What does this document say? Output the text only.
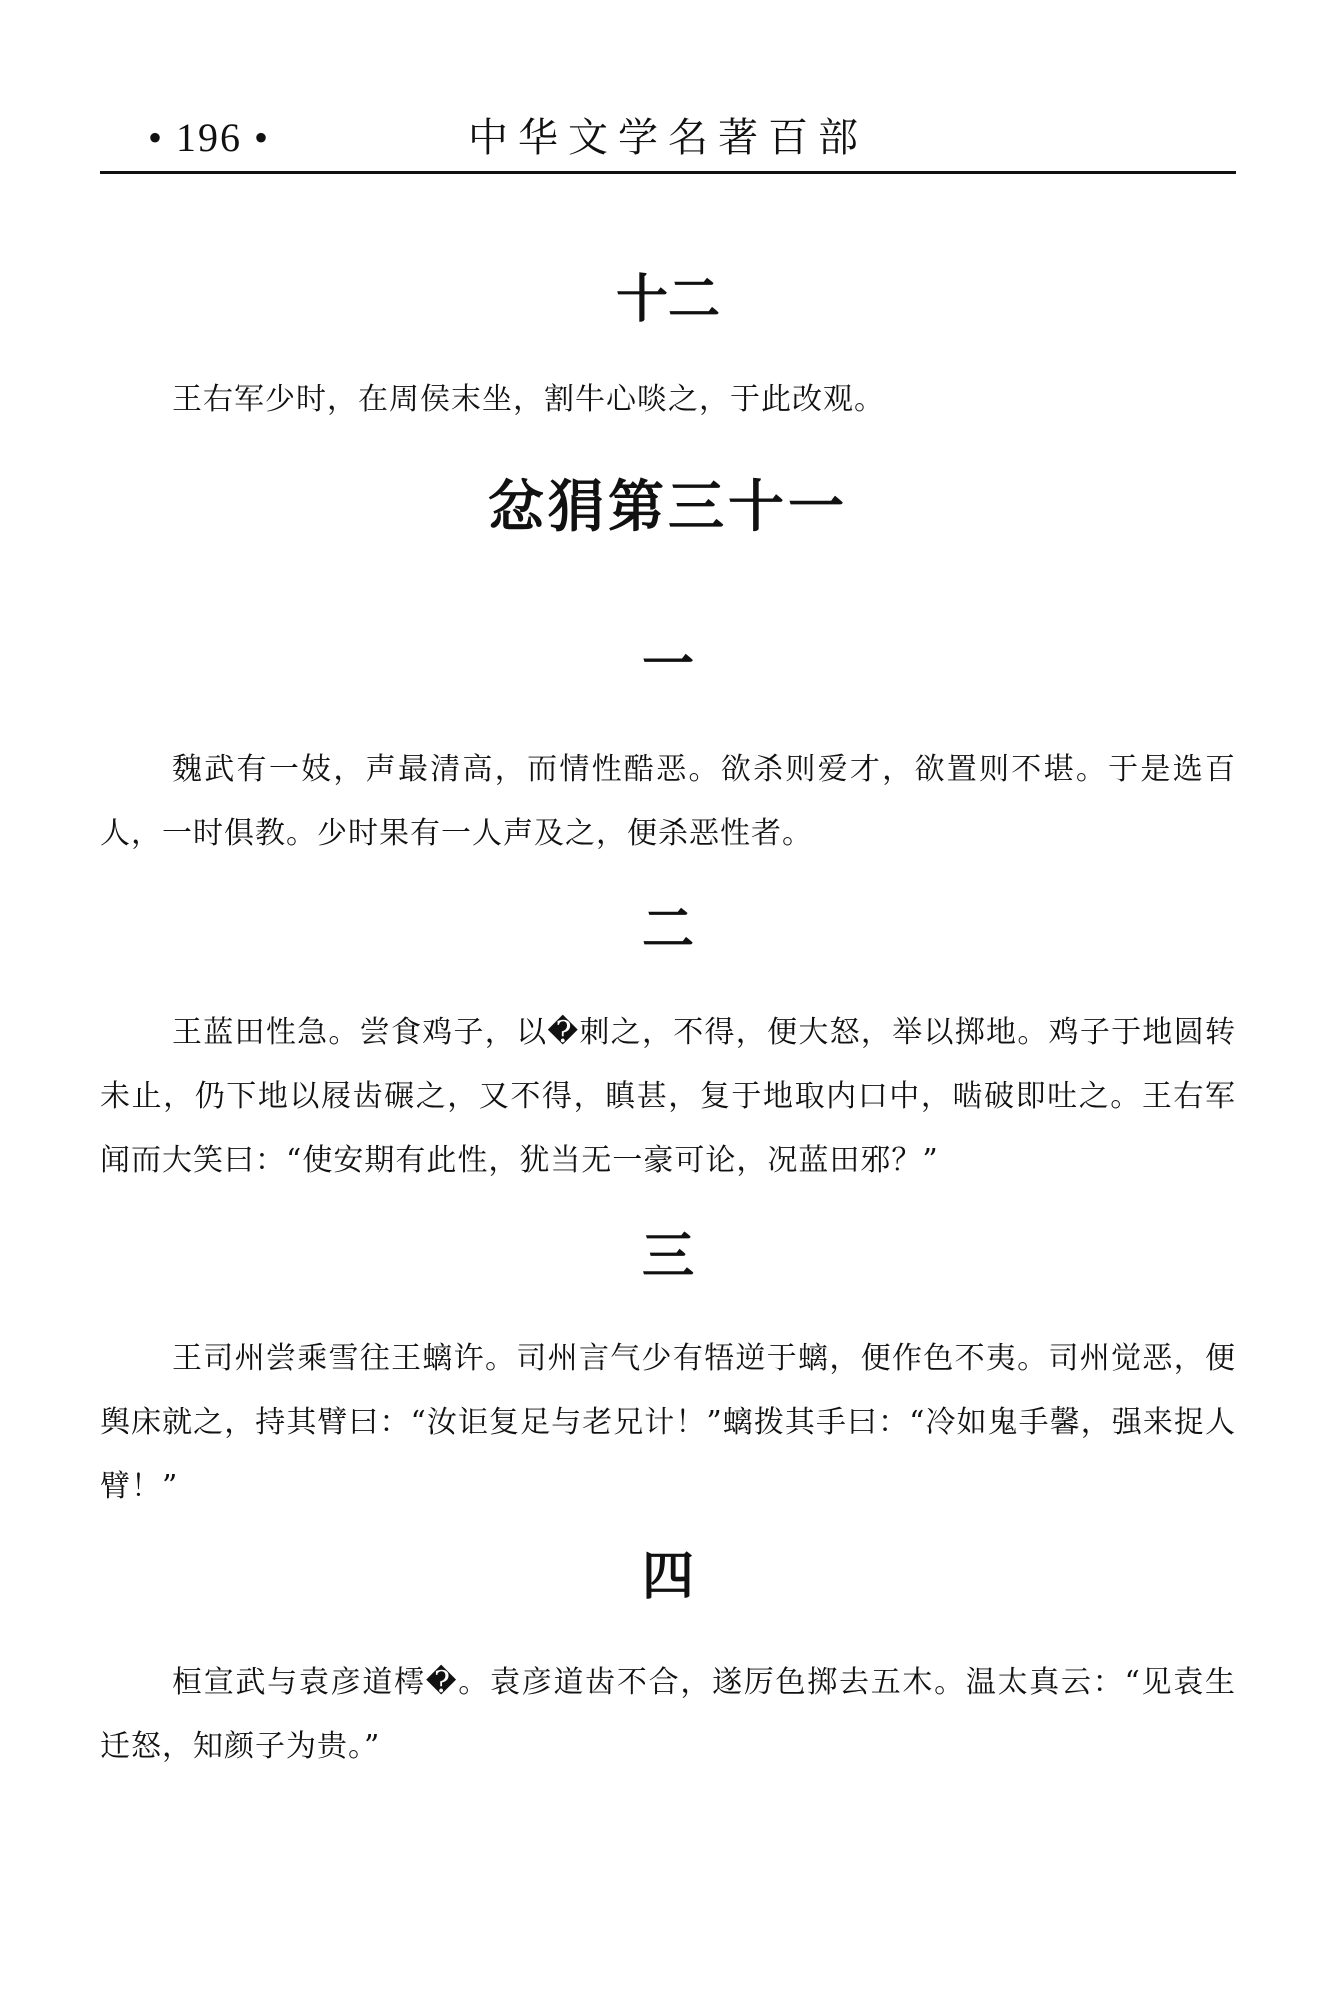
中华文学名著百部
• 196 •
十二

王右军少时，在周侯末坐，割牛心啖之，于此改观。

忿狷第三十一
一

魏武有一妓，声最清高，而情性酷恶。欲杀则爱才，欲置则不堪。于是选百人，一时俱教。少时果有一人声及之，便杀恶性者。

二

王蓝田性急。尝食鸡子，以�刺之，不得，便大怒，举以掷地。鸡子于地圆转未止，仍下地以屐齿碾之，又不得，瞋甚，复于地取内口中，啮破即吐之。王右军闻而大笑曰：“使安期有此性，犹当无一豪可论，况蓝田邪？”

三

王司州尝乘雪往王螭许。司州言气少有牾逆于螭，便作色不夷。司州觉恶，便舆床就之，持其臂曰：“汝讵复足与老兄计！”螭拨其手曰：“冷如鬼手馨，强来捉人臂！”

四

桓宣武与袁彦道樗�。袁彦道齿不合，遂厉色掷去五木。温太真云：“见袁生迁怒，知颜子为贵。”
